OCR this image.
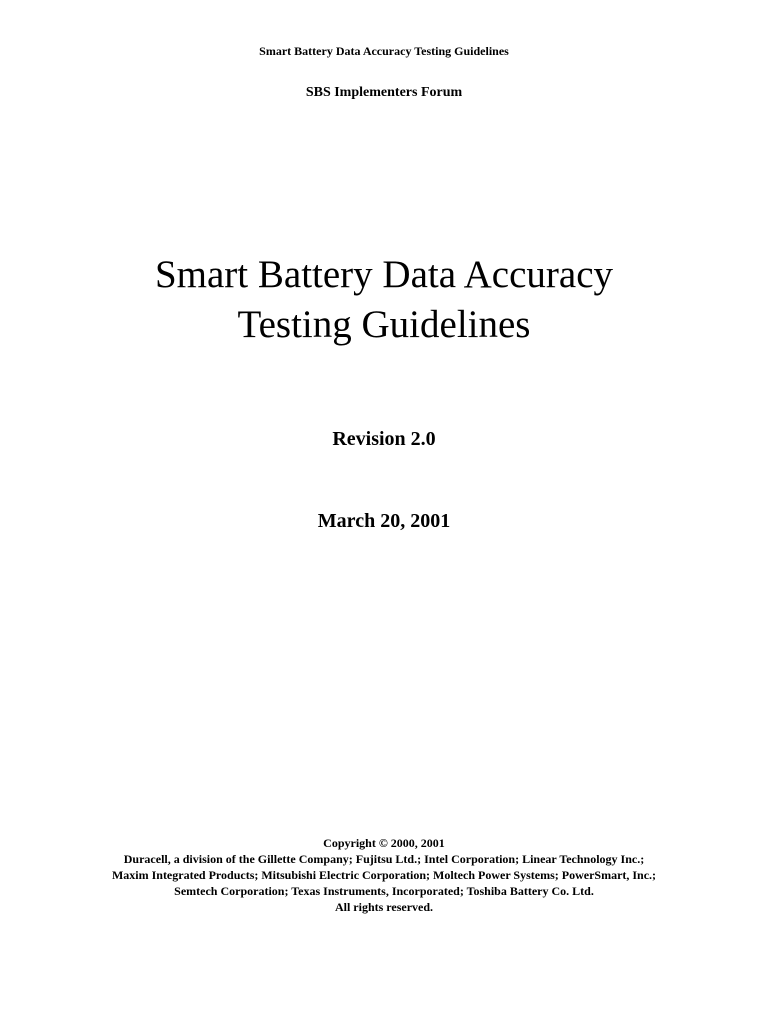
Smart Battery Data Accuracy Testing Guidelines

SBS Implementers Forum

Smart Battery Data Accuracy
Testing Guidelines

Revision 2.0

March 20, 2001

Copyright © 2000, 2001
Duracell, a division of the Gillette Company; Fujitsu Ltd.; Intel Corporation; Linear Technology Inc.;
Maxim Integrated Products; Mitsubishi Electric Corporation; Moltech Power Systems; PowerSmart, Inc.;
Semtech Corporation; Texas Instruments, Incorporated; Toshiba Battery Co. Ltd.
All rights reserved.
